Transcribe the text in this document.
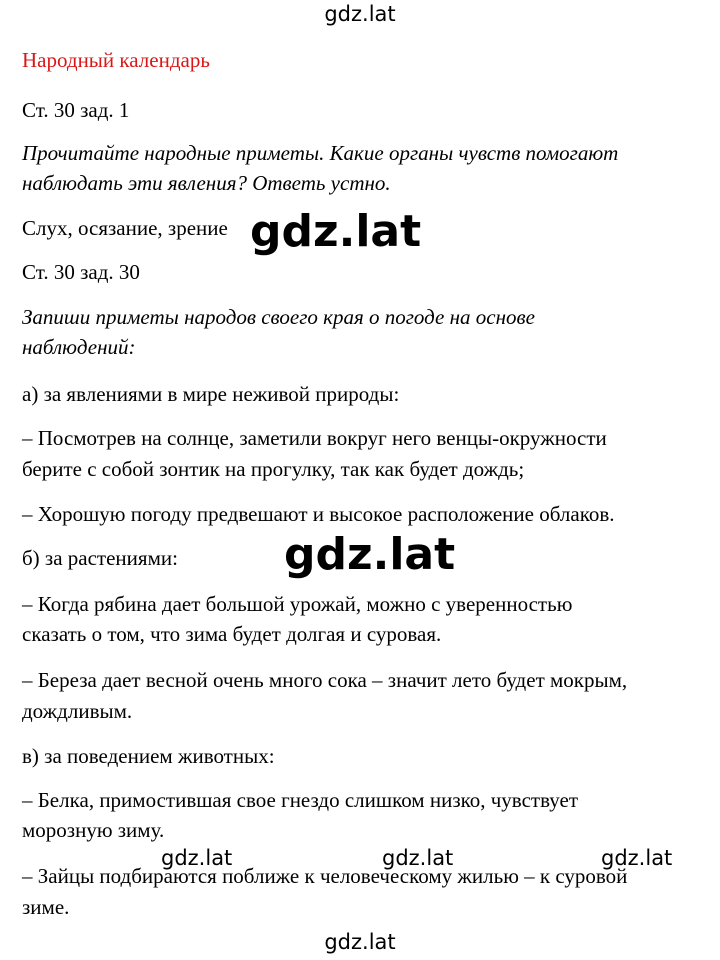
gdz.lat
Народный календарь
Ст. 30 зад. 1
Прочитайте народные приметы. Какие органы чувств помогают
наблюдать эти явления? Ответь устно.
Слух, осязание, зрение
Ст. 30 зад. 30
Запиши приметы народов своего края о погоде на основе
наблюдений:
а) за явлениями в мире неживой природы:
– Посмотрев на солнце, заметили вокруг него венцы-окружности
берите с собой зонтик на прогулку, так как будет дождь;
– Хорошую погоду предвешают и высокое расположение облаков.
б) за растениями:
– Когда рябина дает большой урожай, можно с уверенностью
сказать о том, что зима будет долгая и суровая.
– Береза дает весной очень много сока – значит лето будет мокрым,
дождливым.
в) за поведением животных:
– Белка, примостившая свое гнездо слишком низко, чувствует
морозную зиму.
– Зайцы подбираются поближе к человеческому жилью – к суровой
зиме.
gdz.lat
gdz.lat
gdz.lat	gdz.lat	gdz.lat
gdz.lat
